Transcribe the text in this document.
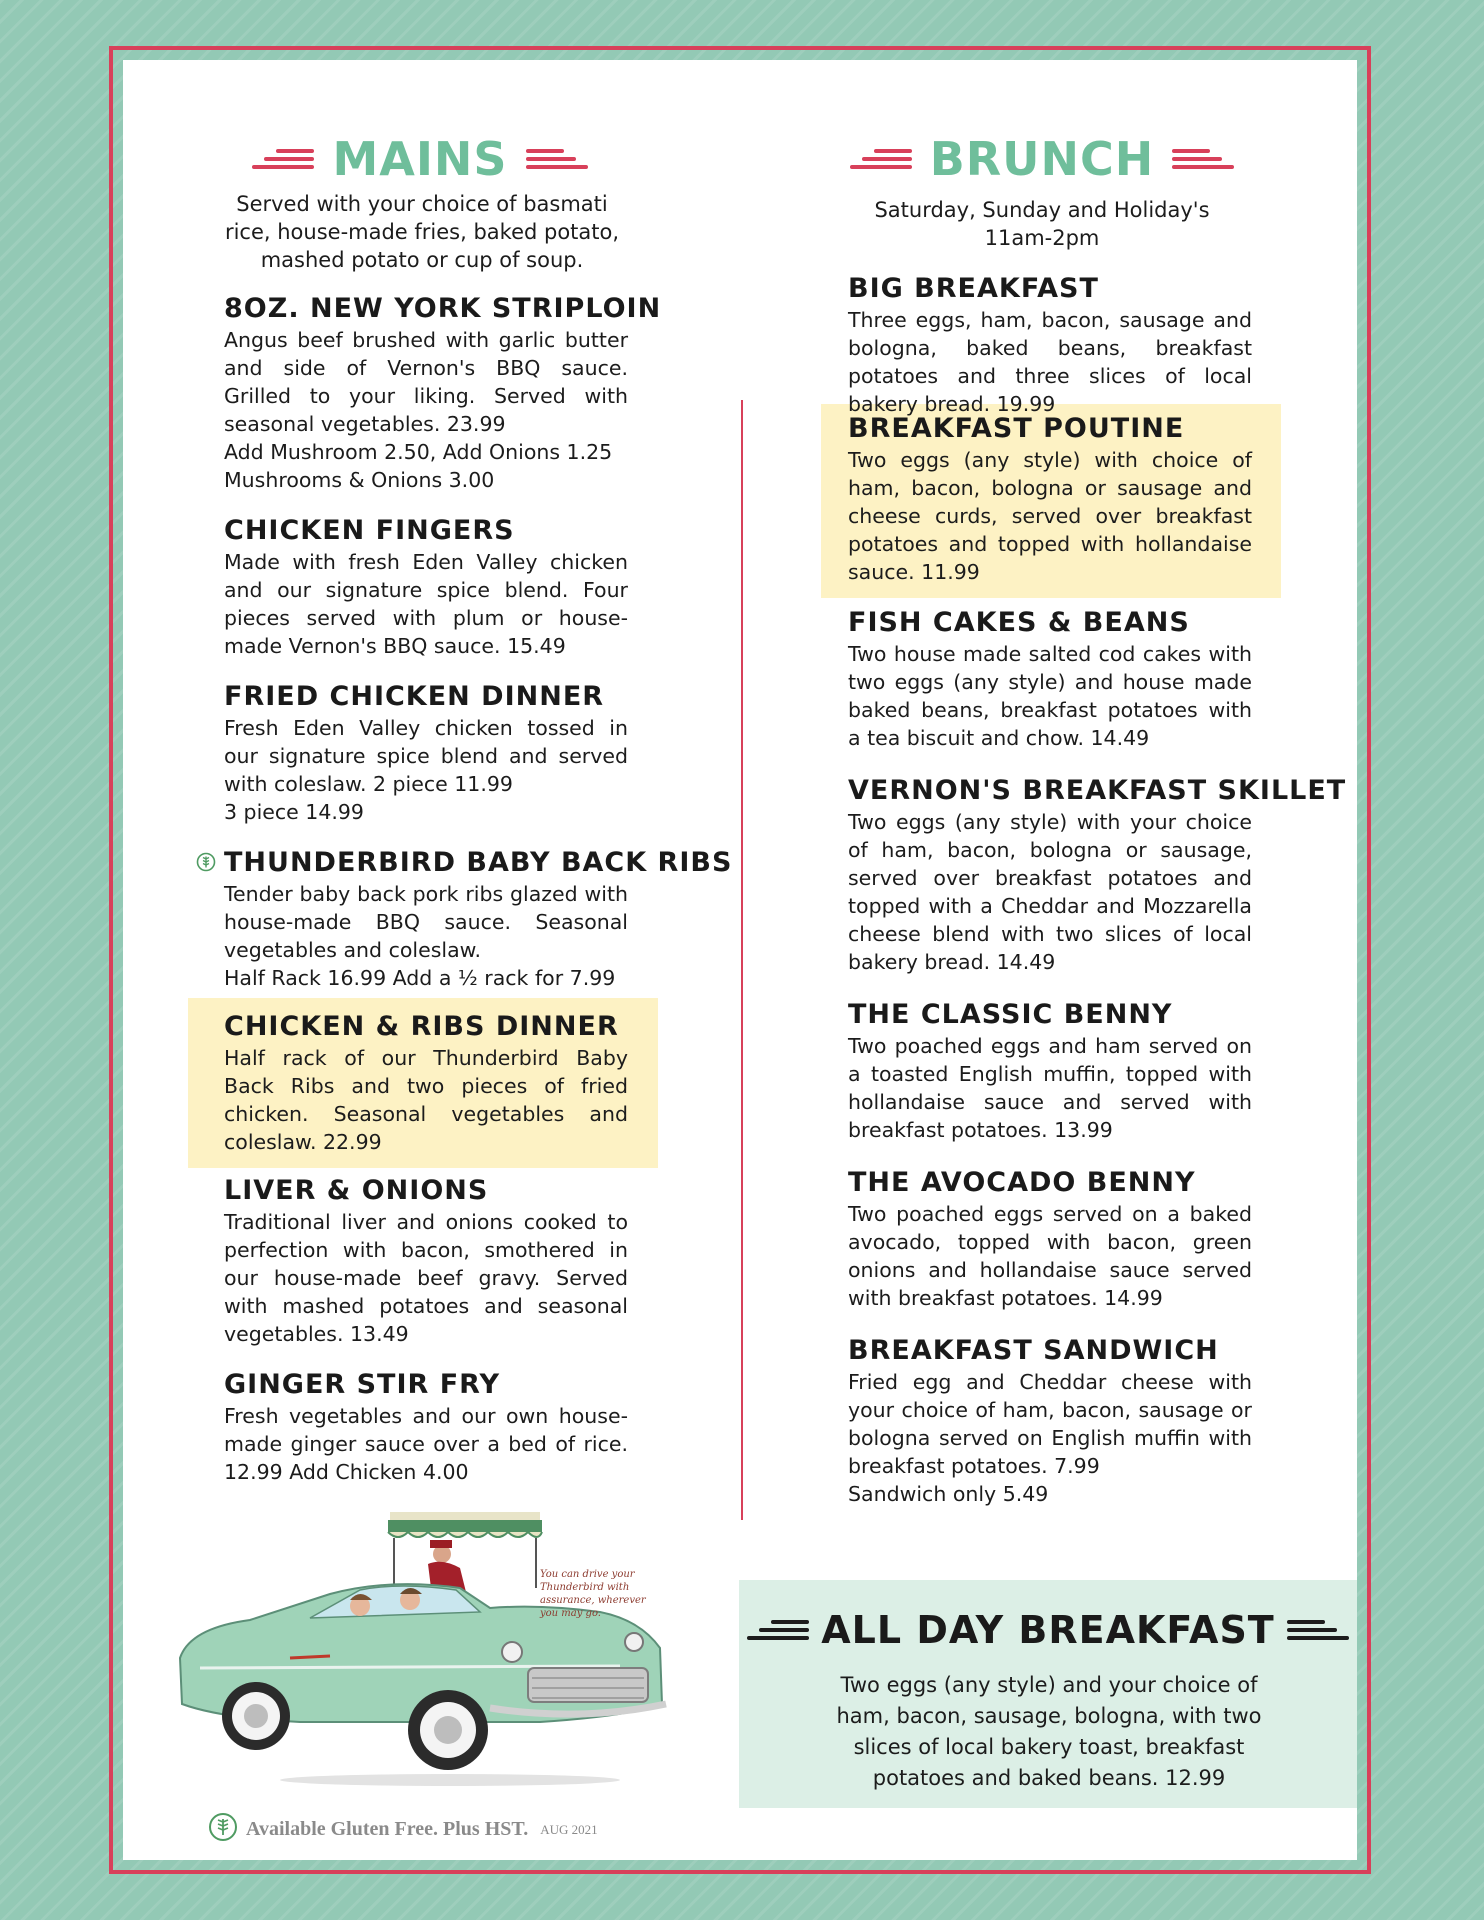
MAINS
Served with your choice of basmati rice, house-made fries, baked potato, mashed potato or cup of soup.
8OZ. NEW YORK STRIPLOIN

Angus beef brushed with garlic butter and side of Vernon's BBQ sauce. Grilled to your liking. Served with seasonal vegetables. 23.99

Add Mushroom 2.50, Add Onions 1.25

Mushrooms & Onions 3.00

CHICKEN FINGERS

Made with fresh Eden Valley chicken and our signature spice blend. Four pieces served with plum or house-made Vernon's BBQ sauce. 15.49

FRIED CHICKEN DINNER

Fresh Eden Valley chicken tossed in our signature spice blend and served with coleslaw. 2 piece 11.99

3 piece 14.99

THUNDERBIRD BABY BACK RIBS

Tender baby back pork ribs glazed with house-made BBQ sauce. Seasonal vegetables and coleslaw.

Half Rack 16.99 Add a ½ rack for 7.99

CHICKEN & RIBS DINNER

Half rack of our Thunderbird Baby Back Ribs and two pieces of fried chicken. Seasonal vegetables and coleslaw. 22.99

LIVER & ONIONS

Traditional liver and onions cooked to perfection with bacon, smothered in our house-made beef gravy. Served with mashed potatoes and seasonal vegetables. 13.49

GINGER STIR FRY

Fresh vegetables and our own house-made ginger sauce over a bed of rice. 12.99 Add Chicken 4.00

BRUNCH
Saturday, Sunday and Holiday's
11am-2pm
BIG BREAKFAST

Three eggs, ham, bacon, sausage and bologna, baked beans, breakfast potatoes and three slices of local bakery bread. 19.99

BREAKFAST POUTINE

Two eggs (any style) with choice of ham, bacon, bologna or sausage and cheese curds, served over breakfast potatoes and topped with hollandaise sauce. 11.99

FISH CAKES & BEANS

Two house made salted cod cakes with two eggs (any style) and house made baked beans, breakfast potatoes with a tea biscuit and chow. 14.49

VERNON'S BREAKFAST SKILLET

Two eggs (any style) with your choice of ham, bacon, bologna or sausage, served over breakfast potatoes and topped with a Cheddar and Mozzarella cheese blend with two slices of local bakery bread. 14.49

THE CLASSIC BENNY

Two poached eggs and ham served on a toasted English muffin, topped with hollandaise sauce and served with breakfast potatoes. 13.99

THE AVOCADO BENNY

Two poached eggs served on a baked avocado, topped with bacon, green onions and hollandaise sauce served with breakfast potatoes. 14.99

BREAKFAST SANDWICH

Fried egg and Cheddar cheese with your choice of ham, bacon, sausage or bologna served on English muffin with breakfast potatoes. 7.99

Sandwich only 5.49

You can drive your Thunderbird with assurance, wherever you may go.	ALL DAY BREAKFAST
Two eggs (any style) and your choice of ham, bacon, sausage, bologna, with two slices of local bakery toast, breakfast potatoes and baked beans. 12.99
Available Gluten Free. Plus HST. AUG 2021
